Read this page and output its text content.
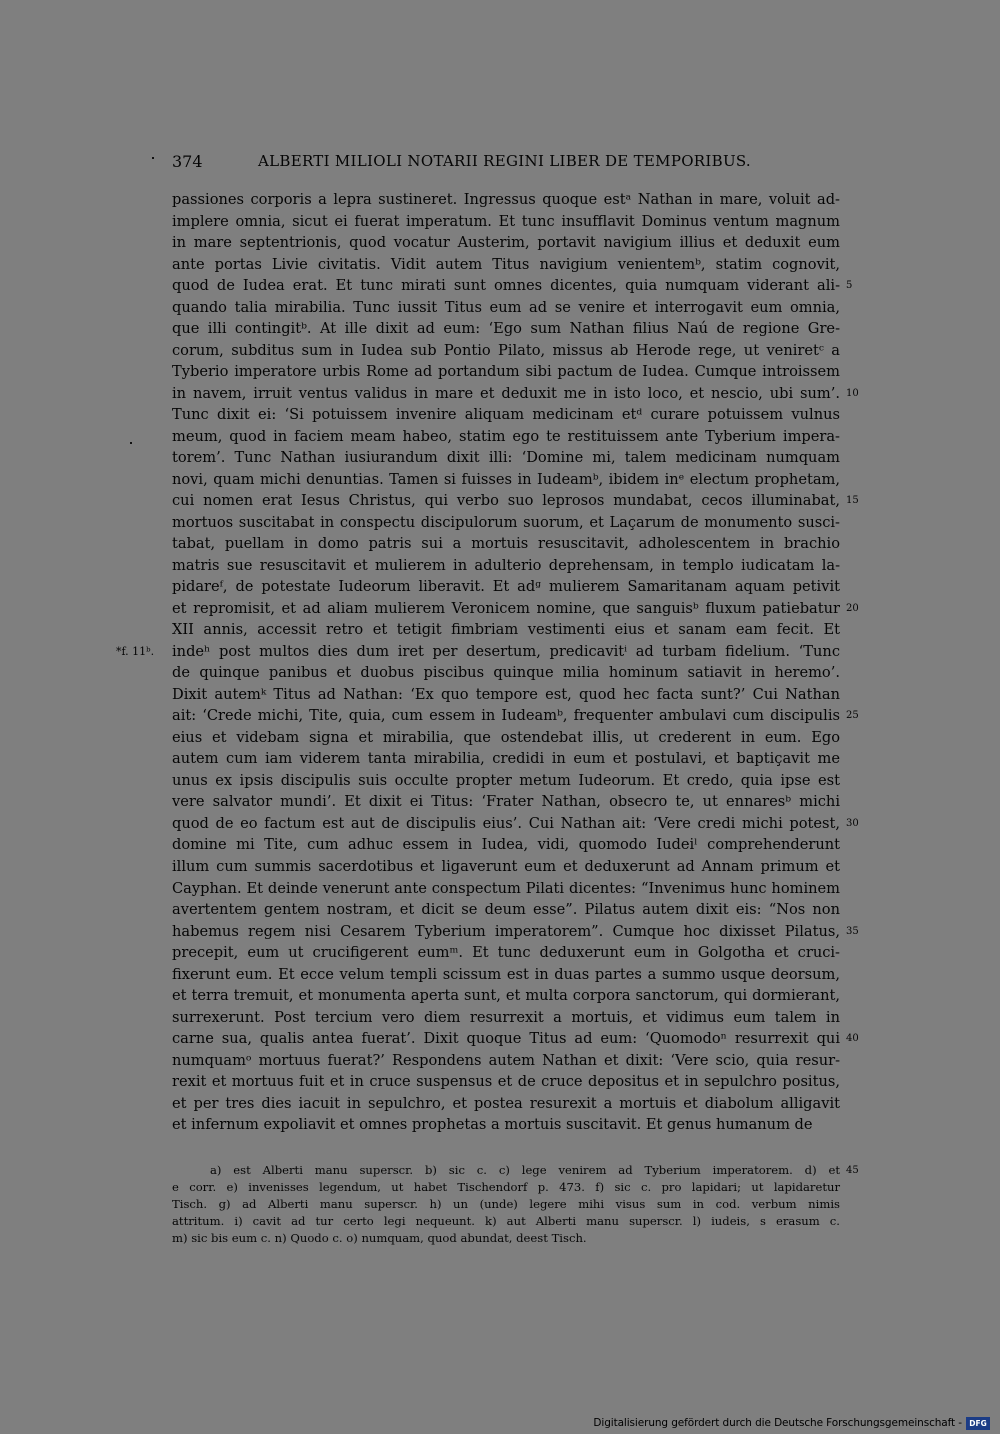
374	ALBERTI MILIOLI NOTARII REGINI LIBER DE TEMPORIBUS.
passiones corporis a lepra sustineret. Ingressus quoque estᵃ Nathan in mare, voluit ad-
implere omnia, sicut ei fuerat imperatum. Et tunc insufflavit Dominus ventum magnum
in mare septentrionis, quod vocatur Austerim, portavit navigium illius et deduxit eum
ante portas Livie civitatis. Vidit autem Titus navigium venientemᵇ, statim cognovit,
quod de Iudea erat. Et tunc mirati sunt omnes dicentes, quia numquam viderant ali- 5
quando talia mirabilia. Tunc iussit Titus eum ad se venire et interrogavit eum omnia,
que illi contingitᵇ. At ille dixit ad eum: ‘Ego sum Nathan filius Naú de regione Gre-
corum, subditus sum in Iudea sub Pontio Pilato, missus ab Herode rege, ut veniretᶜ a
Tyberio imperatore urbis Rome ad portandum sibi pactum de Iudea. Cumque introissem
in navem, irruit ventus validus in mare et deduxit me in isto loco, et nescio, ubi sum’. 10
Tunc dixit ei: ‘Si potuissem invenire aliquam medicinam etᵈ curare potuissem vulnus
meum, quod in faciem meam habeo, statim ego te restituissem ante Tyberium impera-
torem’. Tunc Nathan iusiurandum dixit illi: ‘Domine mi, talem medicinam numquam
novi, quam michi denuntias. Tamen si fuisses in Iudeamᵇ, ibidem inᵉ electum prophetam,
cui nomen erat Iesus Christus, qui verbo suo leprosos mundabat, cecos illuminabat, 15
mortuos suscitabat in conspectu discipulorum suorum, et Laçarum de monumento susci-
tabat, puellam in domo patris sui a mortuis resuscitavit, adholescentem in brachio
matris sue resuscitavit et mulierem in adulterio deprehensam, in templo iudicatam la-
pidareᶠ, de potestate Iudeorum liberavit. Et adᵍ mulierem Samaritanam aquam petivit
et repromisit, et ad aliam mulierem Veronicem nomine, que sanguisᵇ fluxum patiebatur 20
XII annis, accessit retro et tetigit fimbriam vestimenti eius et sanam eam fecit. Et
indeʰ post multos dies dum iret per desertum, predicavitⁱ ad turbam fidelium. ‘Tunc
*f. 11ᵇ.
de quinque panibus et duobus piscibus quinque milia hominum satiavit in heremo’.
Dixit autemᵏ Titus ad Nathan: ‘Ex quo tempore est, quod hec facta sunt?’ Cui Nathan
ait: ‘Crede michi, Tite, quia, cum essem in Iudeamᵇ, frequenter ambulavi cum discipulis 25
eius et videbam signa et mirabilia, que ostendebat illis, ut crederent in eum. Ego
autem cum iam viderem tanta mirabilia, credidi in eum et postulavi, et baptiçavit me
unus ex ipsis discipulis suis occulte propter metum Iudeorum. Et credo, quia ipse est
vere salvator mundi’. Et dixit ei Titus: ‘Frater Nathan, obsecro te, ut ennaresᵇ michi
quod de eo factum est aut de discipulis eius’. Cui Nathan ait: ‘Vere credi michi potest, 30
domine mi Tite, cum adhuc essem in Iudea, vidi, quomodo Iudeiˡ comprehenderunt
illum cum summis sacerdotibus et ligaverunt eum et deduxerunt ad Annam primum et
Cayphan. Et deinde venerunt ante conspectum Pilati dicentes: “Invenimus hunc hominem
avertentem gentem nostram, et dicit se deum esse”. Pilatus autem dixit eis: “Nos non
habemus regem nisi Cesarem Tyberium imperatorem”. Cumque hoc dixisset Pilatus, 35
precepit, eum ut crucifigerent eumᵐ. Et tunc deduxerunt eum in Golgotha et cruci-
fixerunt eum. Et ecce velum templi scissum est in duas partes a summo usque deorsum,
et terra tremuit, et monumenta aperta sunt, et multa corpora sanctorum, qui dormierant,
surrexerunt. Post tercium vero diem resurrexit a mortuis, et vidimus eum talem in
carne sua, qualis antea fuerat’. Dixit quoque Titus ad eum: ‘Quomodoⁿ resurrexit qui 40
numquamᵒ mortuus fuerat?’ Respondens autem Nathan et dixit: ‘Vere scio, quia resur-
rexit et mortuus fuit et in cruce suspensus et de cruce depositus et in sepulchro positus,
et per tres dies iacuit in sepulchro, et postea resurexit a mortuis et diabolum alligavit
et infernum expoliavit et omnes prophetas a mortuis suscitavit. Et genus humanum de
a) est Alberti manu superscr. b) sic c. c) lege venirem ad Tyberium imperatorem. d) et 45
e corr. e) invenisses legendum, ut habet Tischendorf p. 473. f) sic c. pro lapidari; ut lapidaretur
Tisch. g) ad Alberti manu superscr. h) un (unde) legere mihi visus sum in cod. verbum nimis
attritum. i) cavit ad tur certo legi nequeunt. k) aut Alberti manu superscr. l) iudeis, s erasum c.
m) sic bis eum c. n) Quodo c. o) numquam, quod abundat, deest Tisch.
Digitalisierung gefördert durch die Deutsche Forschungsgemeinschaft - DFG
